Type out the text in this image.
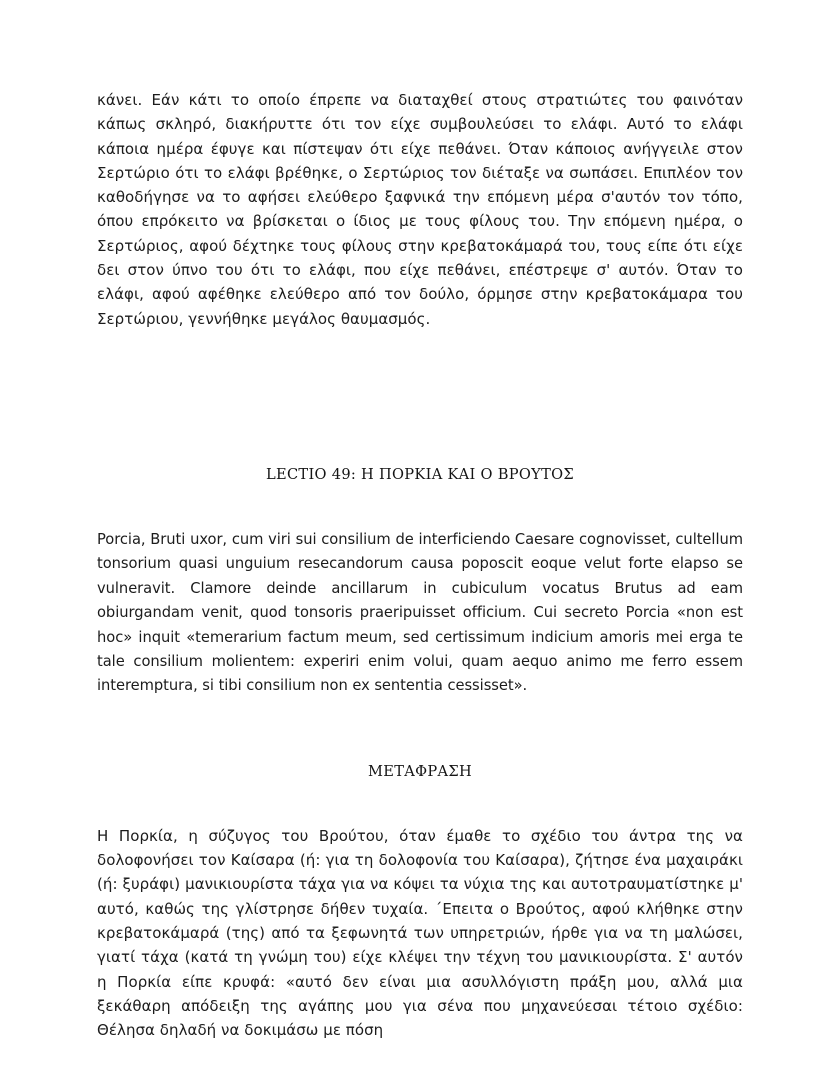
κάνει. Εάν κάτι το οποίο έπρεπε να διαταχθεί στους στρατιώτες του φαινόταν κάπως σκληρό, διακήρυττε ότι τον είχε συμβουλεύσει το ελάφι. Αυτό το ελάφι κάποια ημέρα έφυγε και πίστεψαν ότι είχε πεθάνει. Όταν κάποιος ανήγγειλε στον Σερτώριο ότι το ελάφι βρέθηκε, ο Σερτώριος τον διέταξε να σωπάσει. Επιπλέον τον καθοδήγησε να το αφήσει ελεύθερο ξαφνικά την επόμενη μέρα σ'αυτόν τον τόπο, όπου επρόκειτο να βρίσκεται ο ίδιος με τους φίλους του. Την επόμενη ημέρα, ο Σερτώριος, αφού δέχτηκε τους φίλους στην κρεβατοκάμαρά του, τους είπε ότι είχε δει στον ύπνο του ότι το ελάφι, που είχε πεθάνει, επέστρεψε σ' αυτόν. Όταν το ελάφι, αφού αφέθηκε ελεύθερο από τον δούλο, όρμησε στην κρεβατοκάμαρα του Σερτώριου, γεννήθηκε μεγάλος θαυμασμός.

LECTIO 49: Η ΠΟΡΚΙΑ ΚΑΙ Ο ΒΡΟΥΤΟΣ

Porcia, Bruti uxor, cum viri sui consilium de interficiendo Caesare cognovisset, cultellum tonsorium quasi unguium resecandorum causa poposcit eoque velut forte elapso se vulneravit. Clamore deinde ancillarum in cubiculum vocatus Brutus ad eam obiurgandam venit, quod tonsoris praeripuisset officium. Cui secreto Porcia «non est hoc» inquit «temerarium factum meum, sed certissimum indicium amoris mei erga te tale consilium molientem: experiri enim volui, quam aequo animo me ferro essem interemptura, si tibi consilium non ex sententia cessisset».

ΜΕΤΑΦΡΑΣΗ

Η Πορκία, η σύζυγος του Βρούτου, όταν έμαθε το σχέδιο του άντρα της να δολοφονήσει τον Καίσαρα (ή: για τη δολοφονία του Καίσαρα), ζήτησε ένα μαχαιράκι (ή: ξυράφι) μανικιουρίστα τάχα για να κόψει τα νύχια της και αυτοτραυματίστηκε μ' αυτό, καθώς της γλίστρησε δήθεν τυχαία. ΄Επειτα ο Βρούτος, αφού κλήθηκε στην κρεβατοκάμαρά (της) από τα ξεφωνητά των υπηρετριών, ήρθε για να τη μαλώσει, γιατί τάχα (κατά τη γνώμη του) είχε κλέψει την τέχνη του μανικιουρίστα. Σ' αυτόν η Πορκία είπε κρυφά: «αυτό δεν είναι μια ασυλλόγιστη πράξη μου, αλλά μια ξεκάθαρη απόδειξη της αγάπης μου για σένα που μηχανεύεσαι τέτοιο σχέδιο: Θέλησα δηλαδή να δοκιμάσω με πόση
